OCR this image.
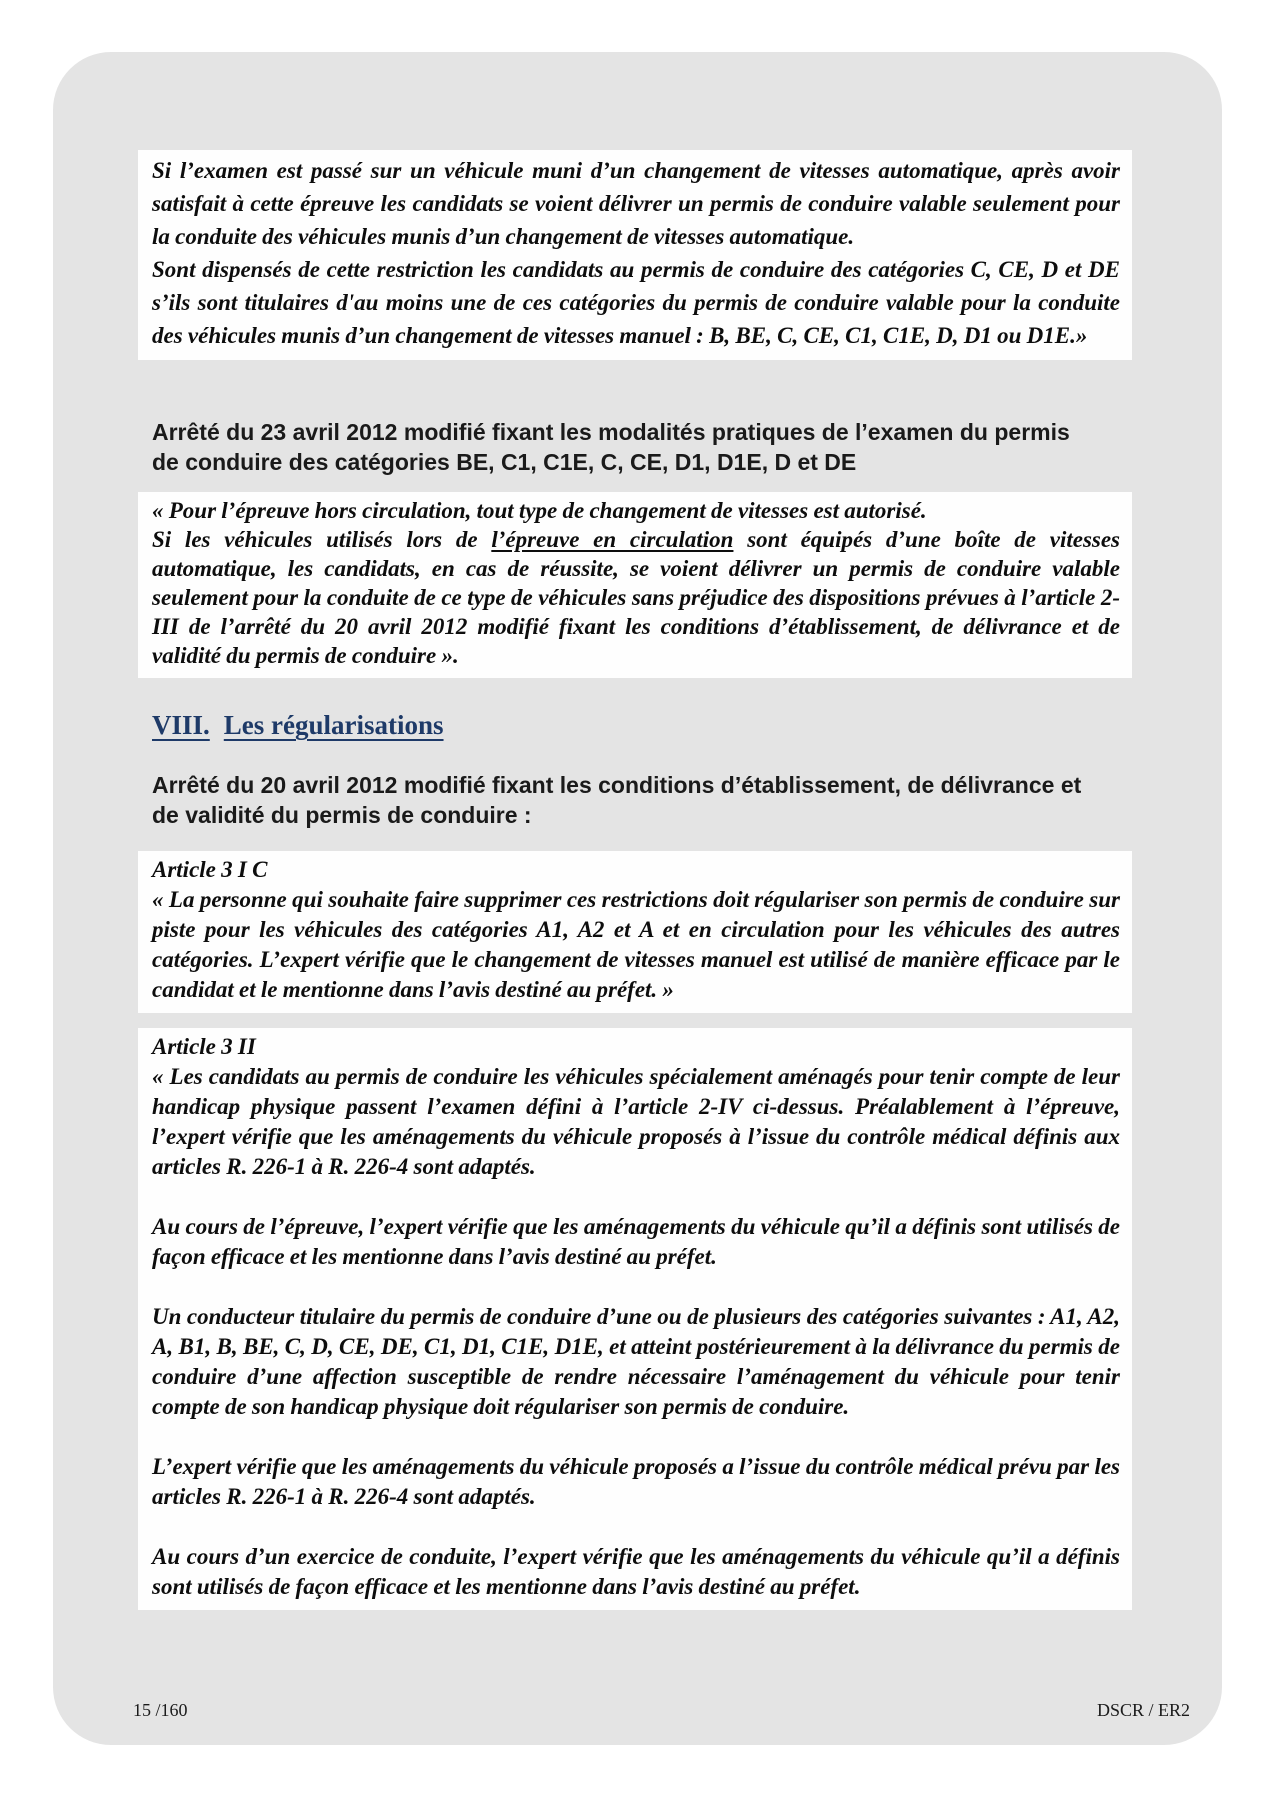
Si l’examen est passé sur un véhicule muni d’un changement de vitesses automatique, après avoir satisfait à cette épreuve les candidats se voient délivrer un permis de conduire valable seulement pour la conduite des véhicules munis d’un changement de vitesses automatique.

Sont dispensés de cette restriction les candidats au permis de conduire des catégories C, CE, D et DE s’ils sont titulaires d'au moins une de ces catégories du permis de conduire valable pour la conduite des véhicules munis d’un changement de vitesses manuel : B, BE, C, CE, C1, C1E, D, D1 ou D1E.»

Arrêté du 23 avril 2012 modifié fixant les modalités pratiques de l’examen du permis
de conduire des catégories BE, C1, C1E, C, CE, D1, D1E, D et DE

« Pour l’épreuve hors circulation, tout type de changement de vitesses est autorisé.

Si les véhicules utilisés lors de l’épreuve en circulation sont équipés d’une boîte de vitesses automatique, les candidats, en cas de réussite, se voient délivrer un permis de conduire valable seulement pour la conduite de ce type de véhicules sans préjudice des dispositions prévues à l’article 2-III de l’arrêté du 20 avril 2012 modifié fixant les conditions d’établissement, de délivrance et de validité du permis de conduire ».

VIII. Les régularisations
Arrêté du 20 avril 2012 modifié fixant les conditions d’établissement, de délivrance et
de validité du permis de conduire :

Article 3 I C

« La personne qui souhaite faire supprimer ces restrictions doit régulariser son permis de conduire sur piste pour les véhicules des catégories A1, A2 et A et en circulation pour les véhicules des autres catégories. L’expert vérifie que le changement de vitesses manuel est utilisé de manière efficace par le candidat et le mentionne dans l’avis destiné au préfet. »

Article 3 II

« Les candidats au permis de conduire les véhicules spécialement aménagés pour tenir compte de leur handicap physique passent l’examen défini à l’article 2-IV ci-dessus. Préalablement à l’épreuve, l’expert vérifie que les aménagements du véhicule proposés à l’issue du contrôle médical définis aux articles R. 226-1 à R. 226-4 sont adaptés.

Au cours de l’épreuve, l’expert vérifie que les aménagements du véhicule qu’il a définis sont utilisés de façon efficace et les mentionne dans l’avis destiné au préfet.

Un conducteur titulaire du permis de conduire d’une ou de plusieurs des catégories suivantes : A1, A2, A, B1, B, BE, C, D, CE, DE, C1, D1, C1E, D1E, et atteint postérieurement à la délivrance du permis de conduire d’une affection susceptible de rendre nécessaire l’aménagement du véhicule pour tenir compte de son handicap physique doit régulariser son permis de conduire.

L’expert vérifie que les aménagements du véhicule proposés a l’issue du contrôle médical prévu par les articles R. 226-1 à R. 226-4 sont adaptés.

Au cours d’un exercice de conduite, l’expert vérifie que les aménagements du véhicule qu’il a définis sont utilisés de façon efficace et les mentionne dans l’avis destiné au préfet.

15 /160	DSCR / ER2
